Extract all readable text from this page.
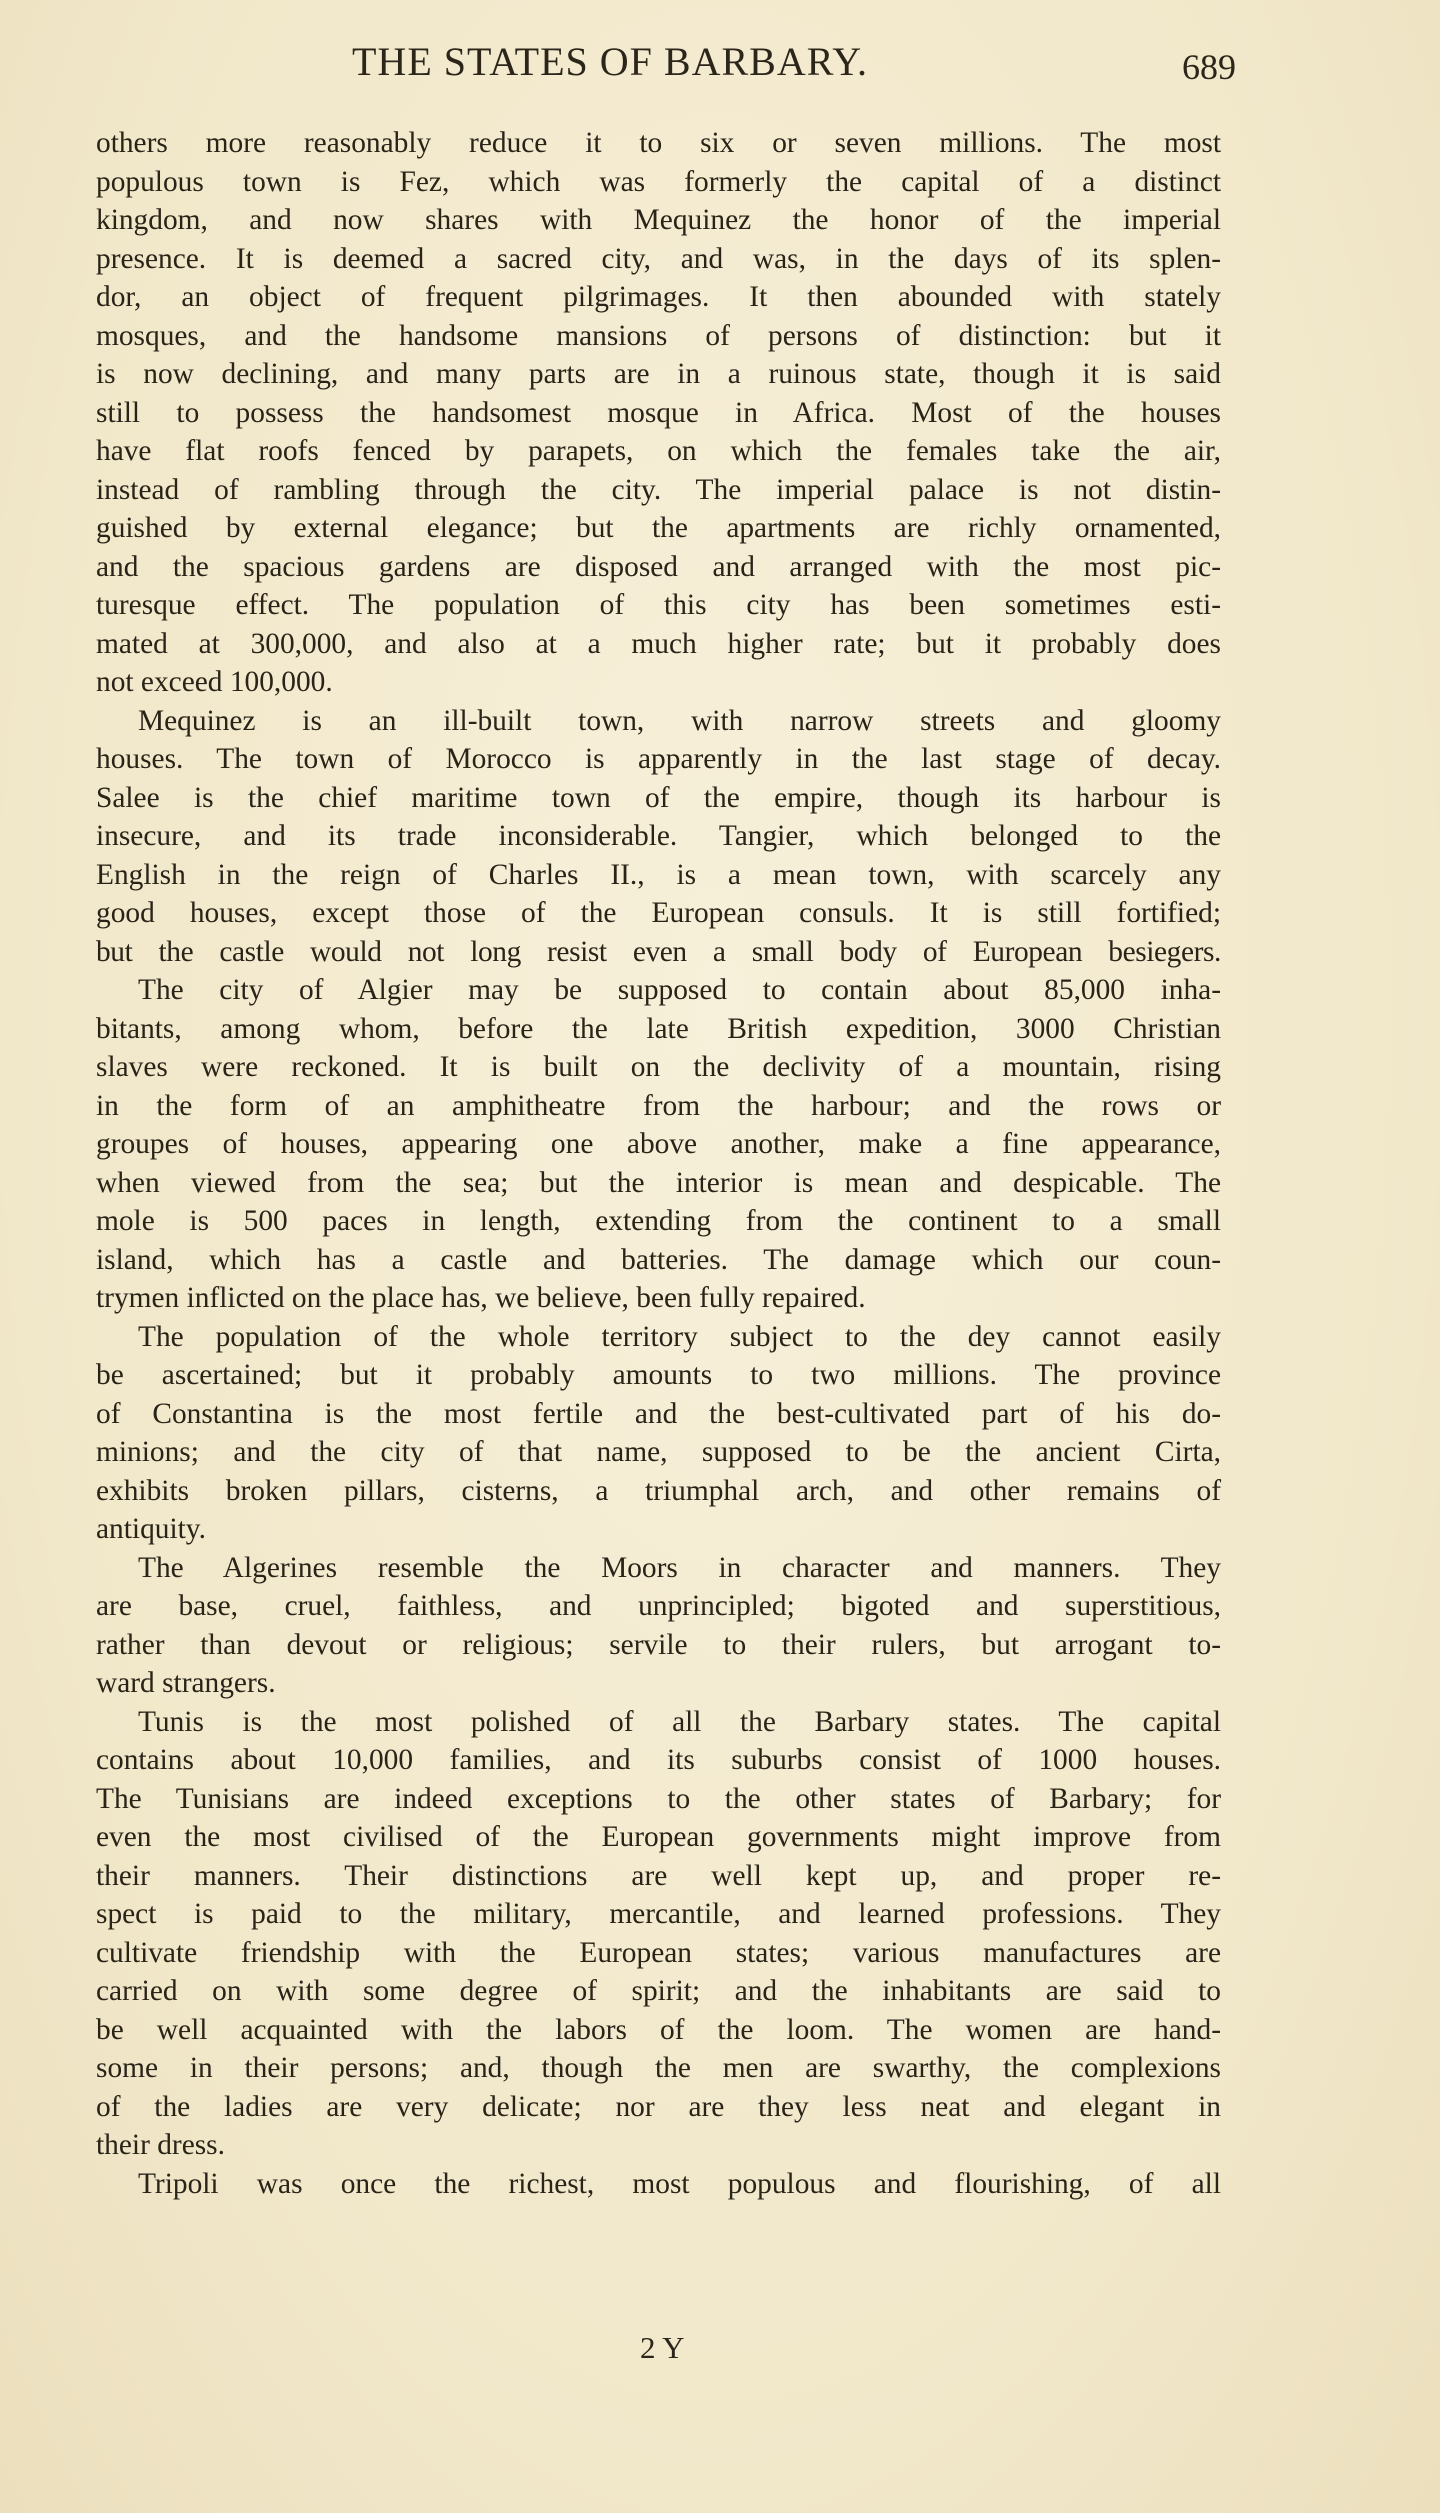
THE STATES OF BARBARY.	689
others more reasonably reduce it to six or seven millions. The most
populous town is Fez, which was formerly the capital of a distinct
kingdom, and now shares with Mequinez the honor of the imperial
presence. It is deemed a sacred city, and was, in the days of its splen-
dor, an object of frequent pilgrimages. It then abounded with stately
mosques, and the handsome mansions of persons of distinction: but it
is now declining, and many parts are in a ruinous state, though it is said
still to possess the handsomest mosque in Africa. Most of the houses
have flat roofs fenced by parapets, on which the females take the air,
instead of rambling through the city. The imperial palace is not distin-
guished by external elegance; but the apartments are richly ornamented,
and the spacious gardens are disposed and arranged with the most pic-
turesque effect. The population of this city has been sometimes esti-
mated at 300,000, and also at a much higher rate; but it probably does
not exceed 100,000.
Mequinez is an ill-built town, with narrow streets and gloomy
houses. The town of Morocco is apparently in the last stage of decay.
Salee is the chief maritime town of the empire, though its harbour is
insecure, and its trade inconsiderable. Tangier, which belonged to the
English in the reign of Charles II., is a mean town, with scarcely any
good houses, except those of the European consuls. It is still fortified;
but the castle would not long resist even a small body of European besiegers.
The city of Algier may be supposed to contain about 85,000 inha-
bitants, among whom, before the late British expedition, 3000 Christian
slaves were reckoned. It is built on the declivity of a mountain, rising
in the form of an amphitheatre from the harbour; and the rows or
groupes of houses, appearing one above another, make a fine appearance,
when viewed from the sea; but the interior is mean and despicable. The
mole is 500 paces in length, extending from the continent to a small
island, which has a castle and batteries. The damage which our coun-
trymen inflicted on the place has, we believe, been fully repaired.
The population of the whole territory subject to the dey cannot easily
be ascertained; but it probably amounts to two millions. The province
of Constantina is the most fertile and the best-cultivated part of his do-
minions; and the city of that name, supposed to be the ancient Cirta,
exhibits broken pillars, cisterns, a triumphal arch, and other remains of
antiquity.
The Algerines resemble the Moors in character and manners. They
are base, cruel, faithless, and unprincipled; bigoted and superstitious,
rather than devout or religious; servile to their rulers, but arrogant to-
ward strangers.
Tunis is the most polished of all the Barbary states. The capital
contains about 10,000 families, and its suburbs consist of 1000 houses.
The Tunisians are indeed exceptions to the other states of Barbary; for
even the most civilised of the European governments might improve from
their manners. Their distinctions are well kept up, and proper re-
spect is paid to the military, mercantile, and learned professions. They
cultivate friendship with the European states; various manufactures are
carried on with some degree of spirit; and the inhabitants are said to
be well acquainted with the labors of the loom. The women are hand-
some in their persons; and, though the men are swarthy, the complexions
of the ladies are very delicate; nor are they less neat and elegant in
their dress.
Tripoli was once the richest, most populous and flourishing, of all
2 Y
